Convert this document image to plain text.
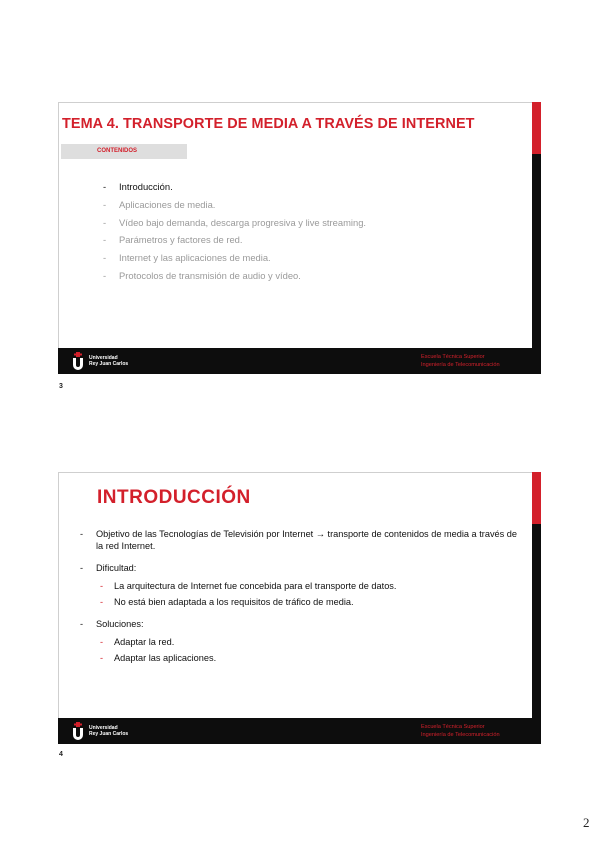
TEMA 4. TRANSPORTE DE MEDIA A TRAVÉS DE INTERNET
CONTENIDOS
- Introducción.
- Aplicaciones de media.
- Vídeo bajo demanda, descarga progresiva y live streaming.
- Parámetros y factores de red.
- Internet y las aplicaciones de media.
- Protocolos de transmisión de audio y vídeo.
Universidad
Rey Juan Carlos
Escuela Técnica Superior
Ingeniería de Telecomunicación
3
INTRODUCCIÓN
- Objetivo de las Tecnologías de Televisión por Internet → transporte de contenidos de media a través de la red Internet.
- Dificultad:
- La arquitectura de Internet fue concebida para el transporte de datos.
- No está bien adaptada a los requisitos de tráfico de media.
- Soluciones:
- Adaptar la red.
- Adaptar las aplicaciones.
Universidad
Rey Juan Carlos
Escuela Técnica Superior
Ingeniería de Telecomunicación
4
2
